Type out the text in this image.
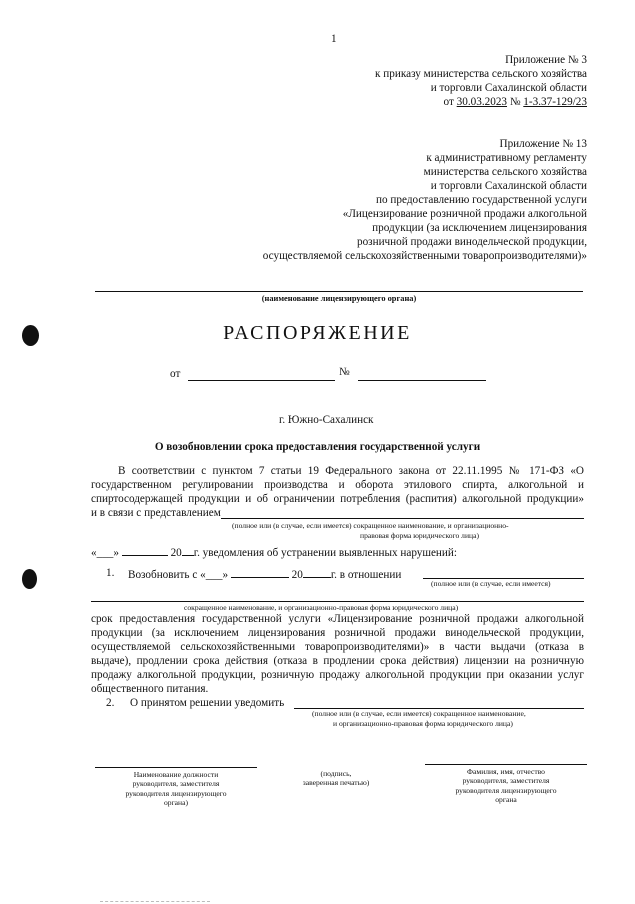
1
Приложение № 3
к приказу министерства сельского хозяйства
и торговли Сахалинской области
от 30.03.2023 № 1-3.37-129/23
Приложение № 13
к административному регламенту
министерства сельского хозяйства
и торговли Сахалинской области
по предоставлению государственной услуги
«Лицензирование розничной продажи алкогольной
продукции (за исключением лицензирования
розничной продажи винодельческой продукции,
осуществляемой сельскохозяйственными товаропроизводителями)»
(наименование лицензирующего органа)
РАСПОРЯЖЕНИЕ
от	№
г. Южно-Сахалинск
О возобновлении срока предоставления государственной услуги
В соответствии с пунктом 7 статьи 19 Федерального закона от 22.11.1995 № 171-ФЗ «О
государственном регулировании производства и оборота этилового спирта, алкогольной и
спиртосодержащей продукции и об ограничении потребления (распития) алкогольной продукции»
и в связи с представлением
(полное или (в случае, если имеется) сокращенное наименование, и организационно-
правовая форма юридического лица)
«___»	20 г. уведомления об устранении выявленных нарушений:
1. Возобновить с «___»	20	г. в отношении
(полное или (в случае, если имеется)
сокращенное наименование, и организационно-правовая форма юридического лица)
срок предоставления государственной услуги «Лицензирование розничной продажи алкогольной
продукции (за исключением лицензирования розничной продажи винодельческой продукции,
осуществляемой сельскохозяйственными товаропроизводителями)» в части выдачи (отказа в
выдаче), продлении срока действия (отказа в продлении срока действия) лицензии на розничную
продажу алкогольной продукции, розничную продажу алкогольной продукции при оказании услуг
общественного питания.
2. О принятом решении уведомить
(полное или (в случае, если имеется) сокращенное наименование,
и организационно-правовая форма юридического лица)
Наименование должности
руководителя, заместителя
руководителя лицензирующего
органа)
(подпись,
заверенная печатью)
Фамилия, имя, отчество
руководителя, заместителя
руководителя лицензирующего
органа
